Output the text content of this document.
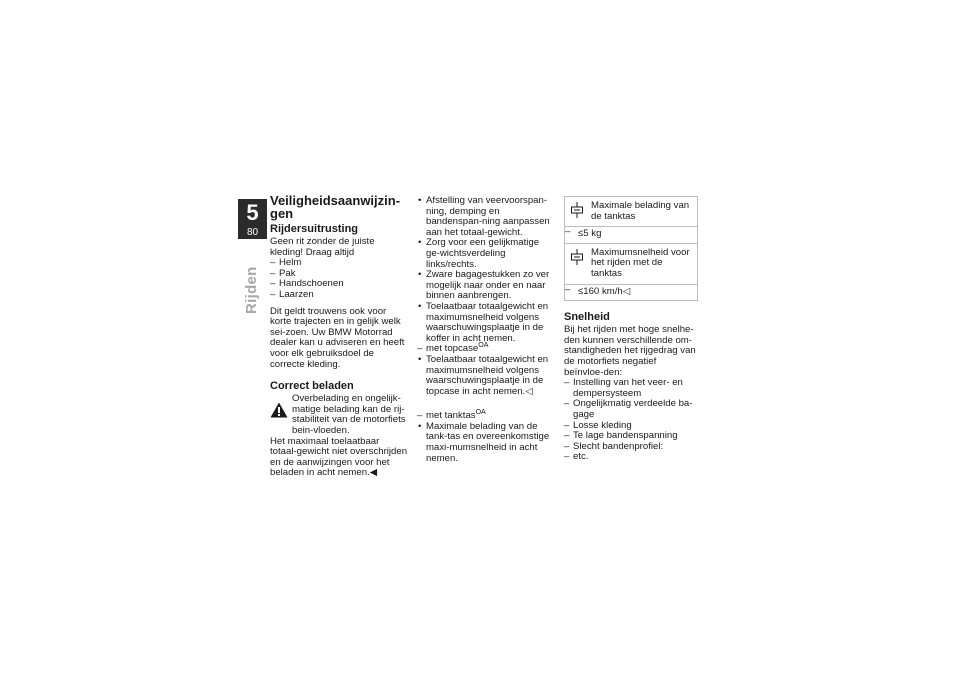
5
80
Rijden
Veiligheidsaanwijzin-gen
Rijdersuitrusting

Geen rit zonder de juiste kleding! Draag altijd

– Helm
– Pak
– Handschoenen
– Laarzen

Dit geldt trouwens ook voor korte trajecten en in gelijk welk sei-zoen. Uw BMW Motorrad dealer kan u adviseren en heeft voor elk gebruiksdoel de correcte kleding.

Correct beladen

Overbelading en ongelijk-matige belading kan de rij-stabiliteit van de motorfiets bein-vloeden.

Het maximaal toelaatbaar totaal-gewicht niet overschrijden en de aanwijzingen voor het beladen in acht nemen.◀

• Afstelling van veervoorspan-ning, demping en bandenspan-ning aanpassen aan het totaal-gewicht.
• Zorg voor een gelijkmatige ge-wichtsverdeling links/rechts.
• Zware bagagestukken zo ver mogelijk naar onder en naar binnen aanbrengen.
• Toelaatbaar totaalgewicht en maximumsnelheid volgens waarschuwingsplaatje in de koffer in acht nemen.
– met topcase$^{OA}$
• Toelaatbaar totaalgewicht en maximumsnelheid volgens waarschuwingsplaatje in de topcase in acht nemen.◁
– met tanktas$^{OA}$
• Maximale belading van de tank-tas en overeenkomstige maxi-mumsnelheid in acht nemen.
Maximale belading van de tanktas
– ≤5 kg
Maximumsnelheid voor het rijden met de tanktas
– ≤160 km/h◁
Snelheid

Bij het rijden met hoge snelhe-den kunnen verschillende om-standigheden het rijgedrag van de motorfiets negatief beïnvloe-den:

– Instelling van het veer- en dempersysteem
– Ongelijkmatig verdeelde ba-gage
– Losse kleding
– Te lage bandenspanning
– Slecht bandenprofiel:
– etc.
